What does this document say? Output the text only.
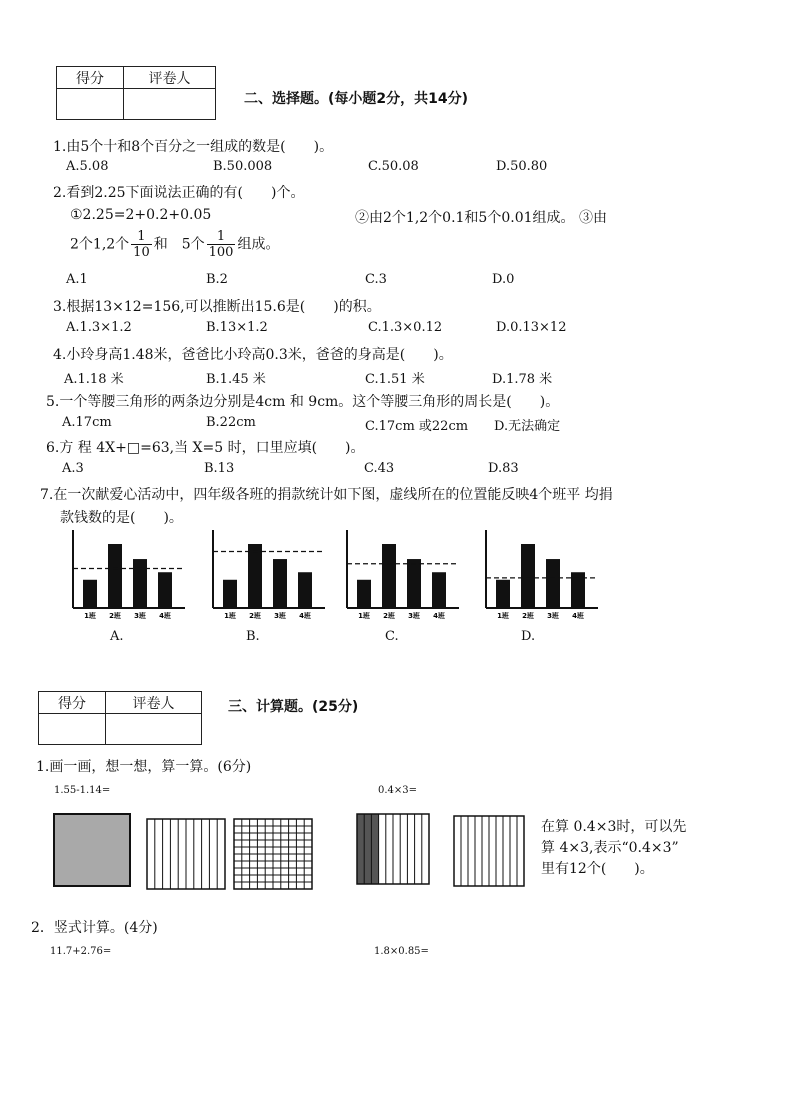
得分	评卷人

二、选择题。(每小题2分，共14分)
1.由5个十和8个百分之一组成的数是(　　)。
A.5.08	B.50.008	C.50.08	D.50.80
2.看到2.25下面说法正确的有(　　)个。
①2.25=2+0.2+0.05	②由2个1,2个0.1和5个0.01组成。 ③由
2个1,2个 $\frac{1}{10}$ 和　5个 $\frac{1}{100}$ 组成。
A.1	B.2	C.3	D.0
3.根据13×12=156,可以推断出15.6是(　　)的积。
A.1.3×1.2	B.13×1.2	C.1.3×0.12	D.0.13×12
4.小玲身高1.48米，爸爸比小玲高0.3米，爸爸的身高是(　　)。
A.1.18 米	B.1.45 米	C.1.51 米	D.1.78 米
5.一个等腰三角形的两条边分别是4cm 和 9cm。这个等腰三角形的周长是(　　)。
A.17cm	B.22cm	C.17cm 或22cm D.无法确定
6.方 程 4X+□=63,当 X=5 时，口里应填(　　)。
A.3	B.13	C.43	D.83
7.在一次献爱心活动中，四年级各班的捐款统计如下图，虚线所在的位置能反映4个班平 均捐
款钱数的是(　　)。
1班 2班 3班 4班	1班 2班 3班 4班	1班 2班 3班 4班	1班 2班 3班 4班
A.	B.	C.	D.
得分	评卷人
		三、计算题。(25分)
1.画一画，想一想，算一算。(6分)
1.55-1.14=	0.4×3=
在算 0.4×3时，可以先
算 4×3,表示“0.4×3”
里有12个(　　)。
2．竖式计算。(4分)
11.7+2.76=	1.8×0.85=
